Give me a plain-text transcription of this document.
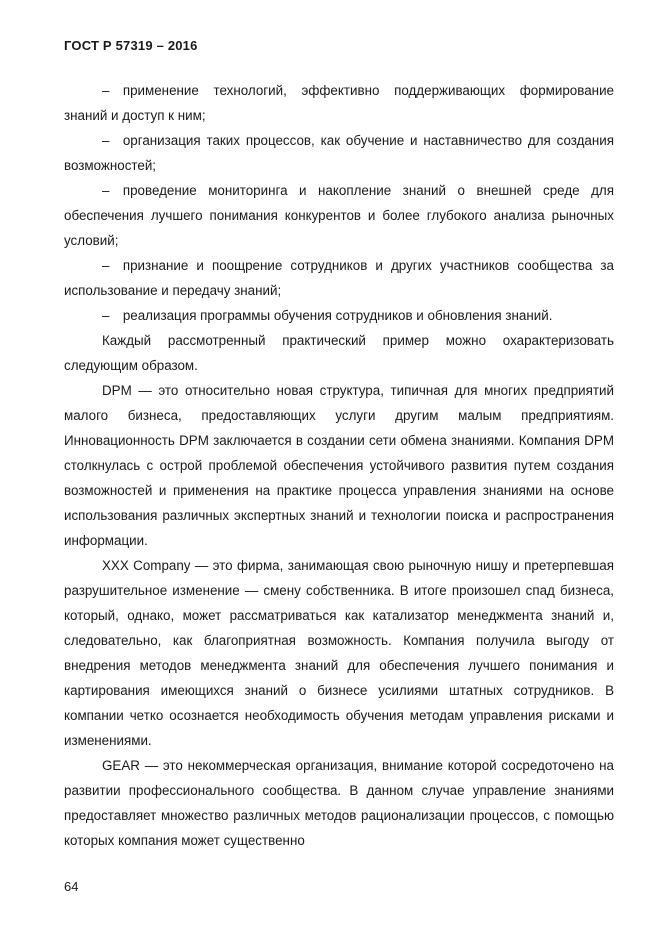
ГОСТ Р 57319 – 2016

– применение технологий, эффективно поддерживающих формирование знаний и доступ к ним;

– организация таких процессов, как обучение и наставничество для создания возможностей;

– проведение мониторинга и накопление знаний о внешней среде для обеспечения лучшего понимания конкурентов и более глубокого анализа рыночных условий;

– признание и поощрение сотрудников и других участников сообщества за использование и передачу знаний;

– реализация программы обучения сотрудников и обновления знаний.

Каждый рассмотренный практический пример можно охарактеризовать следующим образом.

DPM — это относительно новая структура, типичная для многих предприятий малого бизнеса, предоставляющих услуги другим малым предприятиям. Инновационность DPM заключается в создании сети обмена знаниями. Компания DPM столкнулась с острой проблемой обеспечения устойчивого развития путем создания возможностей и применения на практике процесса управления знаниями на основе использования различных экспертных знаний и технологии поиска и распространения информации.

XXX Company — это фирма, занимающая свою рыночную нишу и претерпевшая разрушительное изменение — смену собственника. В итоге произошел спад бизнеса, который, однако, может рассматриваться как катализатор менеджмента знаний и, следовательно, как благоприятная возможность. Компания получила выгоду от внедрения методов менеджмента знаний для обеспечения лучшего понимания и картирования имеющихся знаний о бизнесе усилиями штатных сотрудников. В компании четко осознается необходимость обучения методам управления рисками и изменениями.

GEAR — это некоммерческая организация, внимание которой сосредоточено на развитии профессионального сообщества. В данном случае управление знаниями предоставляет множество различных методов рационализации процессов, с помощью которых компания может существенно

64
